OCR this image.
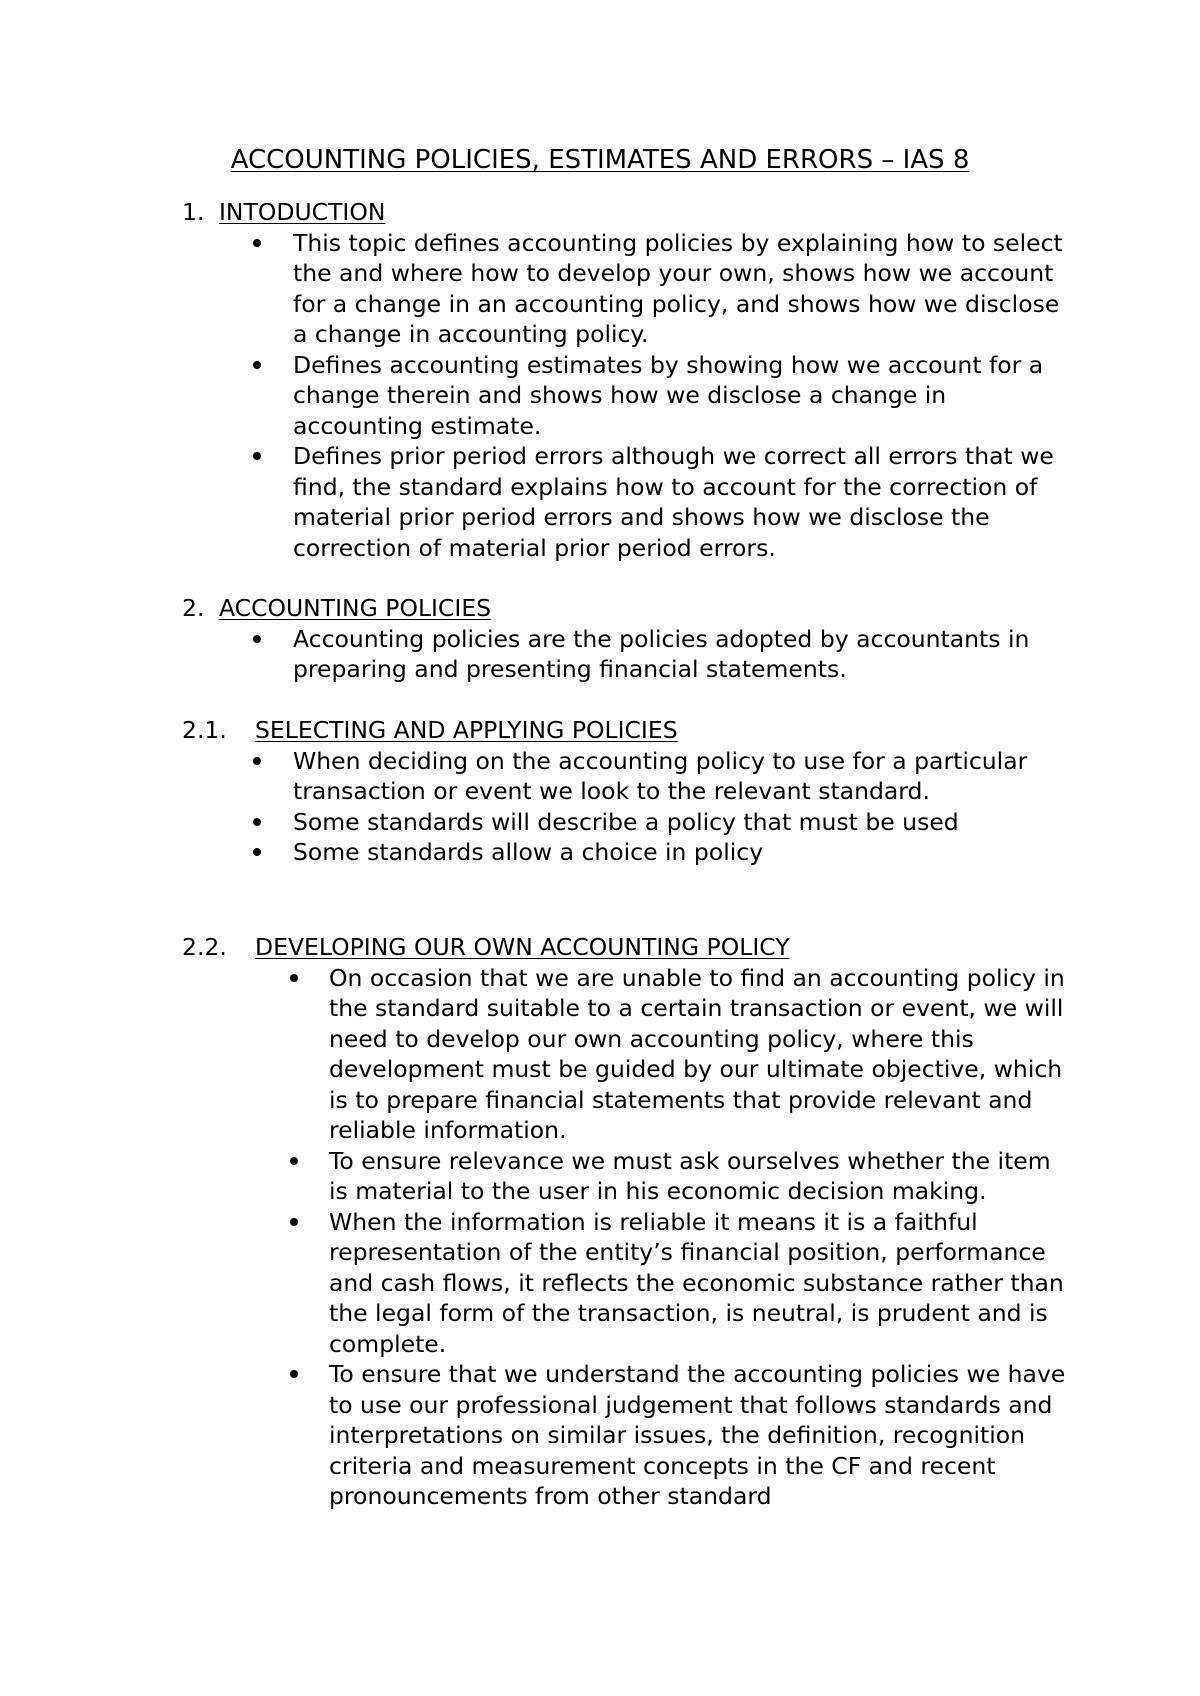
ACCOUNTING POLICIES, ESTIMATES AND ERRORS – IAS 8
1. INTODUCTION
This topic defines accounting policies by explaining how to select the and where how to develop your own, shows how we account for a change in an accounting policy, and shows how we disclose a change in accounting policy.
Defines accounting estimates by showing how we account for a change therein and shows how we disclose a change in accounting estimate.
Defines prior period errors although we correct all errors that we find, the standard explains how to account for the correction of material prior period errors and shows how we disclose the correction of material prior period errors.
2. ACCOUNTING POLICIES
Accounting policies are the policies adopted by accountants in preparing and presenting financial statements.
2.1. SELECTING AND APPLYING POLICIES
When deciding on the accounting policy to use for a particular transaction or event we look to the relevant standard.
Some standards will describe a policy that must be used
Some standards allow a choice in policy
2.2. DEVELOPING OUR OWN ACCOUNTING POLICY
On occasion that we are unable to find an accounting policy in the standard suitable to a certain transaction or event, we will need to develop our own accounting policy, where this development must be guided by our ultimate objective, which is to prepare financial statements that provide relevant and reliable information.
To ensure relevance we must ask ourselves whether the item is material to the user in his economic decision making.
When the information is reliable it means it is a faithful representation of the entity’s financial position, performance and cash flows, it reflects the economic substance rather than the legal form of the transaction, is neutral, is prudent and is complete.
To ensure that we understand the accounting policies we have to use our professional judgement that follows standards and interpretations on similar issues, the definition, recognition criteria and measurement concepts in the CF and recent pronouncements from other standard
